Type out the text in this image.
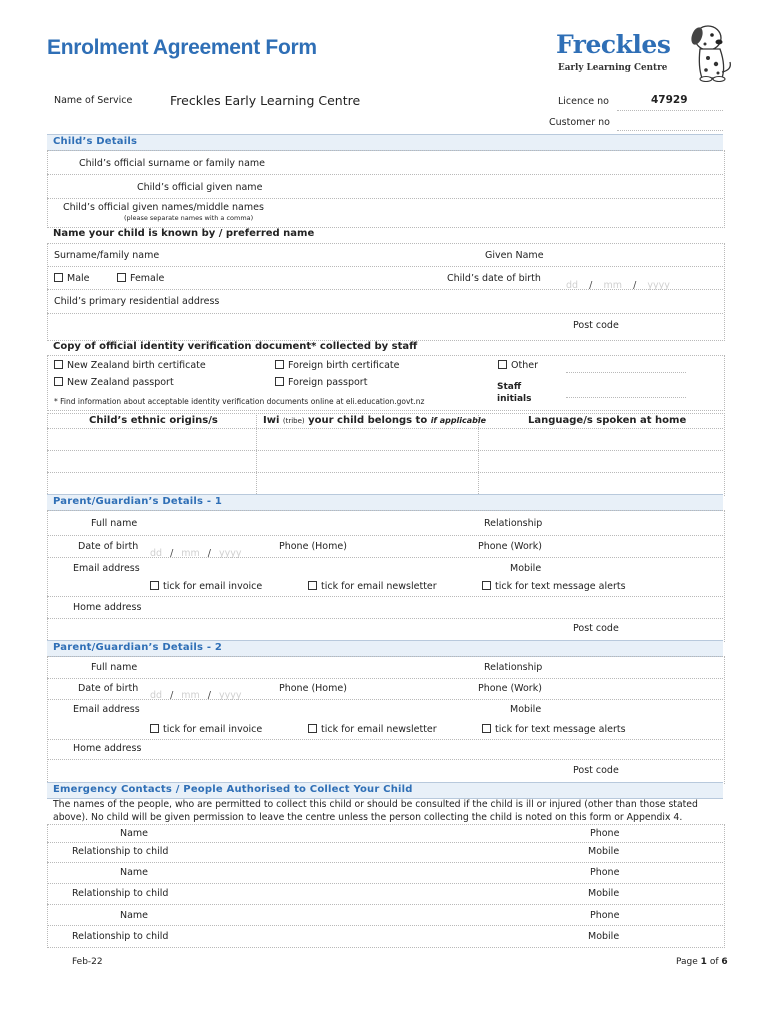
Enrolment Agreement Form	Freckles
Early Learning Centre
Name of Service	Freckles Early Learning Centre	Licence no	47929
Customer no
Child’s Details
Child’s official surname or family name
Child’s official given name
Child’s official given names/middle names
(please separate names with a comma)
Name your child is known by / preferred name
Surname/family name	Given Name
Male	Female	Child’s date of birth
dd / mm / yyyy
Child’s primary residential address
Post code
Copy of official identity verification document* collected by staff
New Zealand birth certificate	Foreign birth certificate	Other
New Zealand passport	Foreign passport	Staff initials
* Find information about acceptable identity verification documents online at eli.education.govt.nz
Child’s ethnic origins/s	Iwi (tribe) your child belongs to if applicable	Language/s spoken at home
Parent/Guardian’s Details - 1
Full name	Relationship
Date of birth
dd / mm / yyyy
Phone (Home)	Phone (Work)
Email address	Mobile
tick for email invoice	tick for email newsletter	tick for text message alerts
Home address
Post code
Parent/Guardian’s Details - 2
Full name	Relationship
Date of birth
dd / mm / yyyy
Phone (Home)	Phone (Work)
Email address	Mobile
tick for email invoice	tick for email newsletter	tick for text message alerts
Home address
Post code
Emergency Contacts / People Authorised to Collect Your Child
The names of the people, who are permitted to collect this child or should be consulted if the child is ill or injured (other than those stated
above). No child will be given permission to leave the centre unless the person collecting the child is noted on this form or Appendix 4.
Name	Phone
Relationship to child	Mobile
Name	Phone
Relationship to child	Mobile
Name	Phone
Relationship to child	Mobile
Feb-22	Page 1 of 6
